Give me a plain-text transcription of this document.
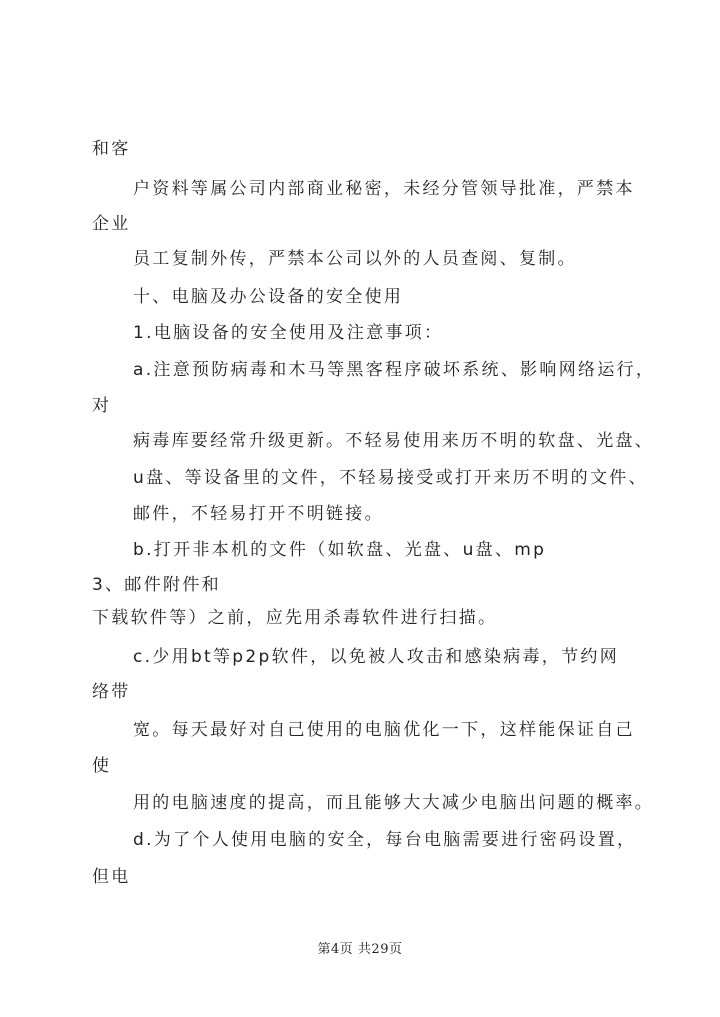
和客
户资料等属公司内部商业秘密，未经分管领导批准，严禁本
企业
员工复制外传，严禁本公司以外的人员查阅、复制。
十、电脑及办公设备的安全使用
1.电脑设备的安全使用及注意事项：
a.注意预防病毒和木马等黑客程序破坏系统、影响网络运行，
对
病毒库要经常升级更新。不轻易使用来历不明的软盘、光盘、
u盘、等设备里的文件，不轻易接受或打开来历不明的文件、
邮件，不轻易打开不明链接。
b.打开非本机的文件（如软盘、光盘、u盘、mp
3、邮件附件和
下载软件等）之前，应先用杀毒软件进行扫描。
c.少用bt等p2p软件，以免被人攻击和感染病毒，节约网
络带
宽。每天最好对自己使用的电脑优化一下，这样能保证自己
使
用的电脑速度的提高，而且能够大大减少电脑出问题的概率。
d.为了个人使用电脑的安全，每台电脑需要进行密码设置，
但电
第4页 共29页
